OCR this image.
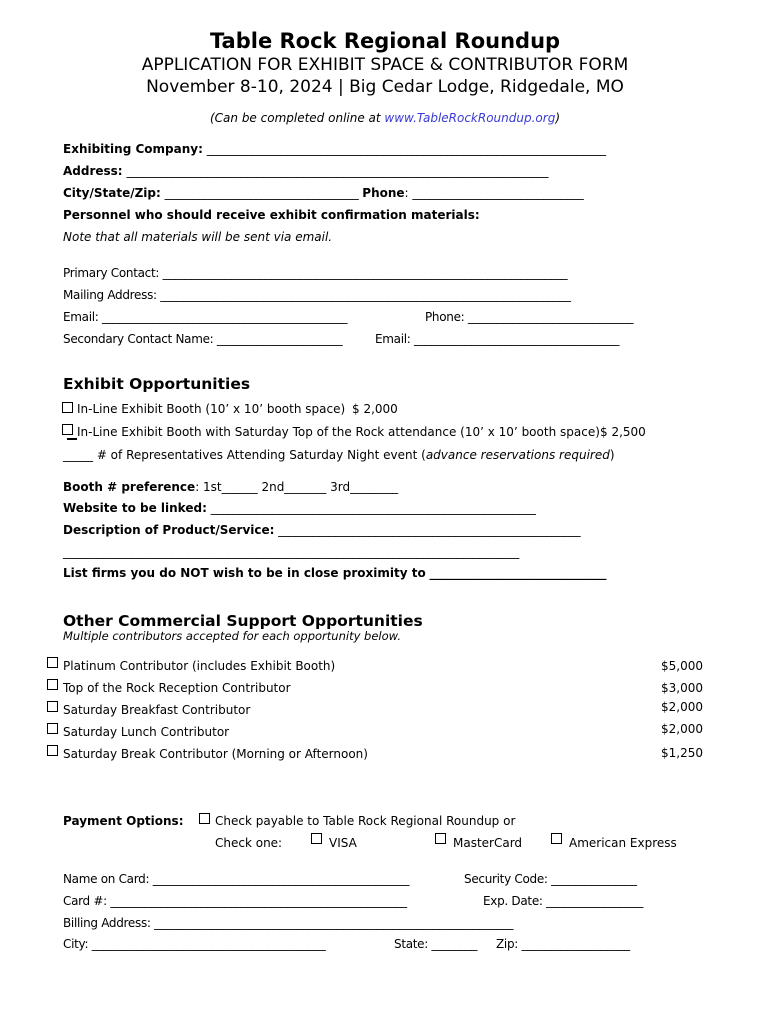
Table Rock Regional Roundup
APPLICATION FOR EXHIBIT SPACE & CONTRIBUTOR FORM
November 8-10, 2024 | Big Cedar Lodge, Ridgedale, MO
(Can be completed online at www.TableRockRoundup.org)
Exhibiting Company: ______________________________________________________________________
Address: __________________________________________________________________________
City/State/Zip: __________________________________ Phone: ______________________________
Personnel who should receive exhibit confirmation materials:
Note that all materials will be sent via email.
Primary Contact: _______________________________________________________________________
Mailing Address: ________________________________________________________________________
Email: ___________________________________________	Phone: _____________________________
Secondary Contact Name: ______________________	Email: ____________________________________
Exhibit Opportunities
In-Line Exhibit Booth (10’ x 10’ booth space) $ 2,000
In-Line Exhibit Booth with Saturday Top of the Rock attendance (10’ x 10’ booth space) $ 2,500
_____ # of Representatives Attending Saturday Night event (advance reservations required)
Booth # preference: 1st______ 2nd_______ 3rd________
Website to be linked: _________________________________________________________
Description of Product/Service: _____________________________________________________
________________________________________________________________________________
List firms you do NOT wish to be in close proximity to _______________________________
Other Commercial Support Opportunities
Multiple contributors accepted for each opportunity below.
Platinum Contributor (includes Exhibit Booth)	$5,000
Top of the Rock Reception Contributor	$3,000
Saturday Breakfast Contributor	$2,000
Saturday Lunch Contributor	$2,000
Saturday Break Contributor (Morning or Afternoon)	$1,250
Payment Options:	Check payable to Table Rock Regional Roundup or
Check one:	VISA	MasterCard	American Express
Name on Card: _____________________________________________	Security Code: _______________
Card #: ____________________________________________________	Exp. Date: _________________
Billing Address: _______________________________________________________________
City: _________________________________________	State: ________ Zip: ___________________
